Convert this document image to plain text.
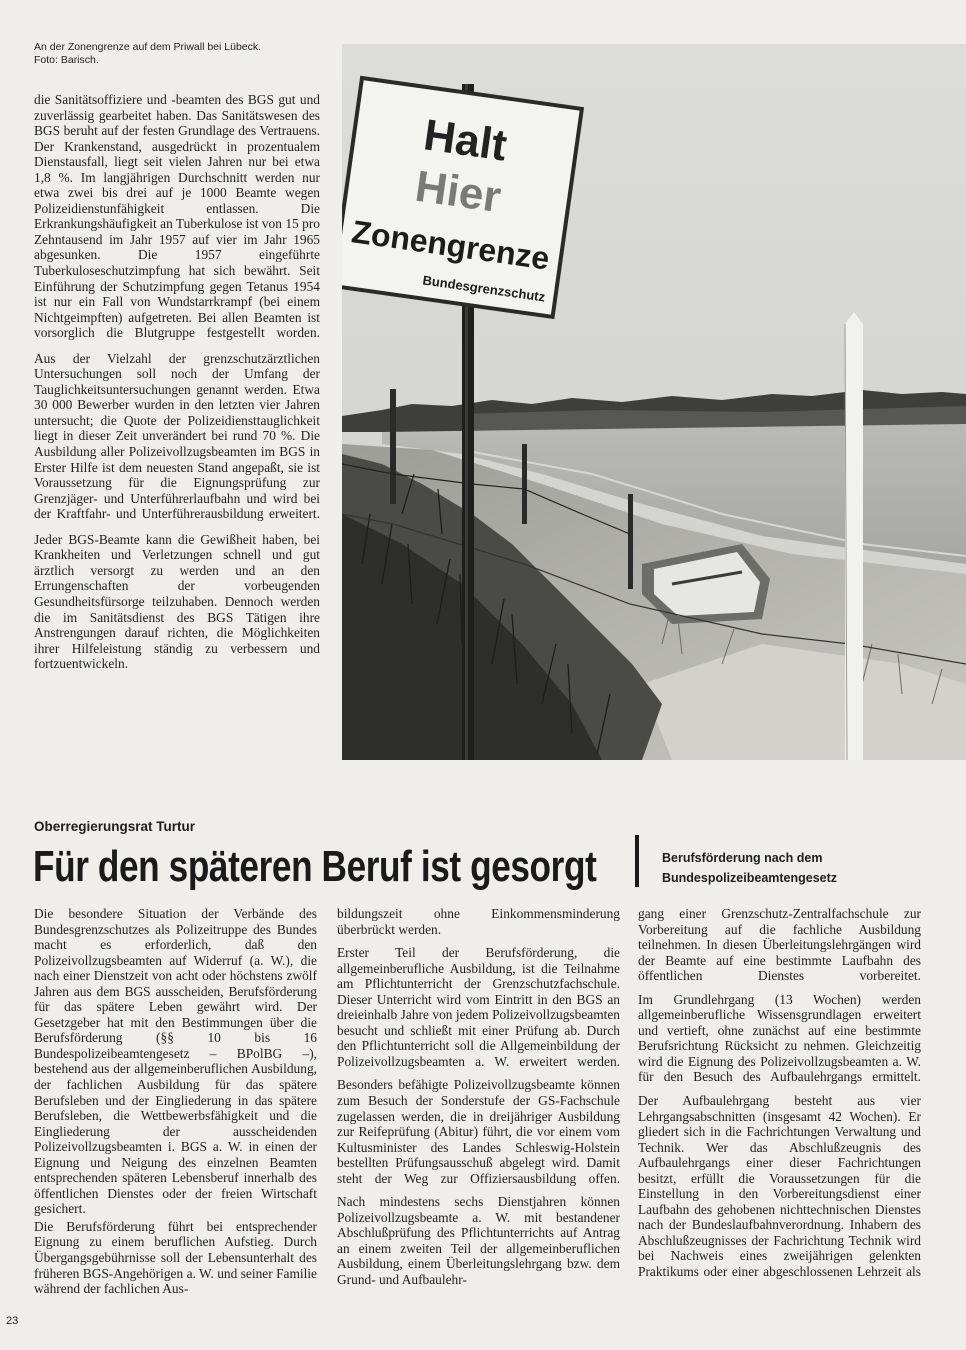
An der Zonengrenze auf dem Priwall bei Lübeck.
Foto: Barisch.

die Sanitätsoffiziere und -beamten des BGS gut und zuverlässig gearbeitet haben. Das Sanitätswesen des BGS beruht auf der festen Grundlage des Vertrauens. Der Krankenstand, ausgedrückt in prozentualem Dienstausfall, liegt seit vielen Jahren nur bei etwa 1,8 %. Im langjährigen Durchschnitt werden nur etwa zwei bis drei auf je 1000 Beamte wegen Polizeidienstunfähigkeit entlassen. Die Erkrankungshäufigkeit an Tuberkulose ist von 15 pro Zehntausend im Jahr 1957 auf vier im Jahr 1965 abgesunken. Die 1957 eingeführte Tuberkuloseschutzimpfung hat sich bewährt. Seit Einführung der Schutzimpfung gegen Tetanus 1954 ist nur ein Fall von Wundstarrkrampf (bei einem Nichtgeimpften) aufgetreten. Bei allen Beamten ist vorsorglich die Blutgruppe festgestellt worden.

Aus der Vielzahl der grenzschutzärztlichen Untersuchungen soll noch der Umfang der Tauglichkeitsuntersuchungen genannt werden. Etwa 30 000 Bewerber wurden in den letzten vier Jahren untersucht; die Quote der Polizeidiensttauglichkeit liegt in dieser Zeit unverändert bei rund 70 %. Die Ausbildung aller Polizeivollzugsbeamten im BGS in Erster Hilfe ist dem neuesten Stand angepaßt, sie ist Voraussetzung für die Eignungsprüfung zur Grenzjäger- und Unterführerlaufbahn und wird bei der Kraftfahr- und Unterführerausbildung erweitert.

Jeder BGS-Beamte kann die Gewißheit haben, bei Krankheiten und Verletzungen schnell und gut ärztlich versorgt zu werden und an den Errungenschaften der vorbeugenden Gesundheitsfürsorge teilzuhaben. Dennoch werden die im Sanitätsdienst des BGS Tätigen ihre Anstrengungen darauf richten, die Möglichkeiten ihrer Hilfeleistung ständig zu verbessern und fortzuentwickeln.

Halt
Hier
Zonengrenze
Bundesgrenzschutz
Oberregierungsrat Turtur
Für den späteren Beruf ist gesorgt	Berufsförderung nach dem Bundespolizeibeamtengesetz

Die besondere Situation der Verbände des Bundesgrenzschutzes als Polizeitruppe des Bundes macht es erforderlich, daß den Polizeivollzugsbeamten auf Widerruf (a. W.), die nach einer Dienstzeit von acht oder höchstens zwölf Jahren aus dem BGS ausscheiden, Berufsförderung für das spätere Leben gewährt wird. Der Gesetzgeber hat mit den Bestimmungen über die Berufsförderung (§§ 10 bis 16 Bundespolizeibeamtengesetz – BPolBG –), bestehend aus der allgemeinberuflichen Ausbildung, der fachlichen Ausbildung für das spätere Berufsleben und der Eingliederung in das spätere Berufsleben, die Wettbewerbsfähigkeit und die Eingliederung der ausscheidenden Polizeivollzugsbeamten i. BGS a. W. in einen der Eignung und Neigung des einzelnen Beamten entsprechenden späteren Lebensberuf innerhalb des öffentlichen Dienstes oder der freien Wirtschaft gesichert.

Die Berufsförderung führt bei entsprechender Eignung zu einem beruflichen Aufstieg. Durch Übergangsgebührnisse soll der Lebensunterhalt des früheren BGS-Angehörigen a. W. und seiner Familie während der fachlichen Aus-

bildungszeit ohne Einkommensminderung überbrückt werden.

Erster Teil der Berufsförderung, die allgemeinberufliche Ausbildung, ist die Teilnahme am Pflichtunterricht der Grenzschutzfachschule. Dieser Unterricht wird vom Eintritt in den BGS an dreieinhalb Jahre von jedem Polizeivollzugsbeamten besucht und schließt mit einer Prüfung ab. Durch den Pflichtunterricht soll die Allgemeinbildung der Polizeivollzugsbeamten a. W. erweitert werden.

Besonders befähigte Polizeivollzugsbeamte können zum Besuch der Sonderstufe der GS-Fachschule zugelassen werden, die in dreijähriger Ausbildung zur Reifeprüfung (Abitur) führt, die vor einem vom Kultusminister des Landes Schleswig-Holstein bestellten Prüfungsausschuß abgelegt wird. Damit steht der Weg zur Offiziersausbildung offen.

Nach mindestens sechs Dienstjahren können Polizeivollzugsbeamte a. W. mit bestandener Abschlußprüfung des Pflichtunterrichts auf Antrag an einem zweiten Teil der allgemeinberuflichen Ausbildung, einem Überleitungslehrgang bzw. dem Grund- und Aufbaulehr-

gang einer Grenzschutz-Zentralfachschule zur Vorbereitung auf die fachliche Ausbildung teilnehmen. In diesen Überleitungslehrgängen wird der Beamte auf eine bestimmte Laufbahn des öffentlichen Dienstes vorbereitet.

Im Grundlehrgang (13 Wochen) werden allgemeinberufliche Wissensgrundlagen erweitert und vertieft, ohne zunächst auf eine bestimmte Berufsrichtung Rücksicht zu nehmen. Gleichzeitig wird die Eignung des Polizeivollzugsbeamten a. W. für den Besuch des Aufbaulehrgangs ermittelt.

Der Aufbaulehrgang besteht aus vier Lehrgangsabschnitten (insgesamt 42 Wochen). Er gliedert sich in die Fachrichtungen Verwaltung und Technik. Wer das Abschlußzeugnis des Aufbaulehrgangs einer dieser Fachrichtungen besitzt, erfüllt die Voraussetzungen für die Einstellung in den Vorbereitungsdienst einer Laufbahn des gehobenen nichttechnischen Dienstes nach der Bundeslaufbahnverordnung. Inhabern des Abschlußzeugnisses der Fachrichtung Technik wird bei Nachweis eines zweijährigen gelenkten Praktikums oder einer abgeschlossenen Lehrzeit als

23
